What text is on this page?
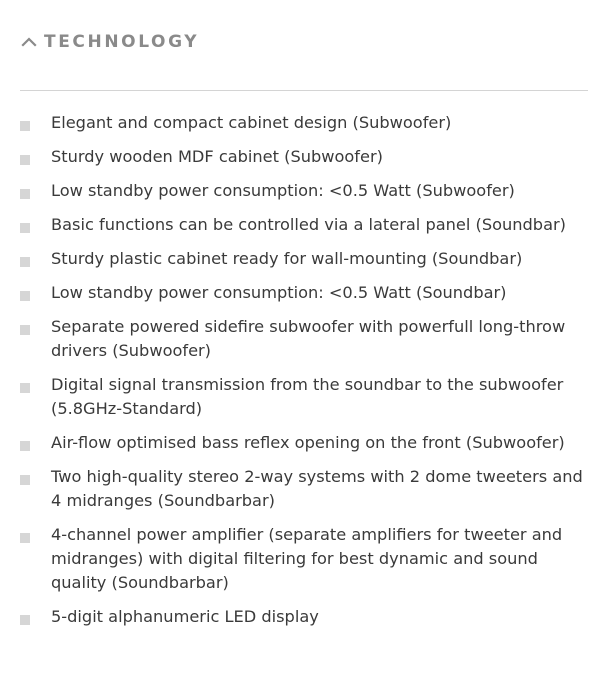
TECHNOLOGY
Elegant and compact cabinet design (Subwoofer)
Sturdy wooden MDF cabinet (Subwoofer)
Low standby power consumption: <0.5 Watt (Subwoofer)
Basic functions can be controlled via a lateral panel (Soundbar)
Sturdy plastic cabinet ready for wall-mounting (Soundbar)
Low standby power consumption: <0.5 Watt (Soundbar)
Separate powered sidefire subwoofer with powerfull long-throw drivers (Subwoofer)
Digital signal transmission from the soundbar to the subwoofer (5.8GHz-Standard)
Air-flow optimised bass reflex opening on the front (Subwoofer)
Two high-quality stereo 2-way systems with 2 dome tweeters and 4 midranges (Soundbarbar)
4-channel power amplifier (separate amplifiers for tweeter and midranges) with digital filtering for best dynamic and sound quality (Soundbarbar)
5-digit alphanumeric LED display
